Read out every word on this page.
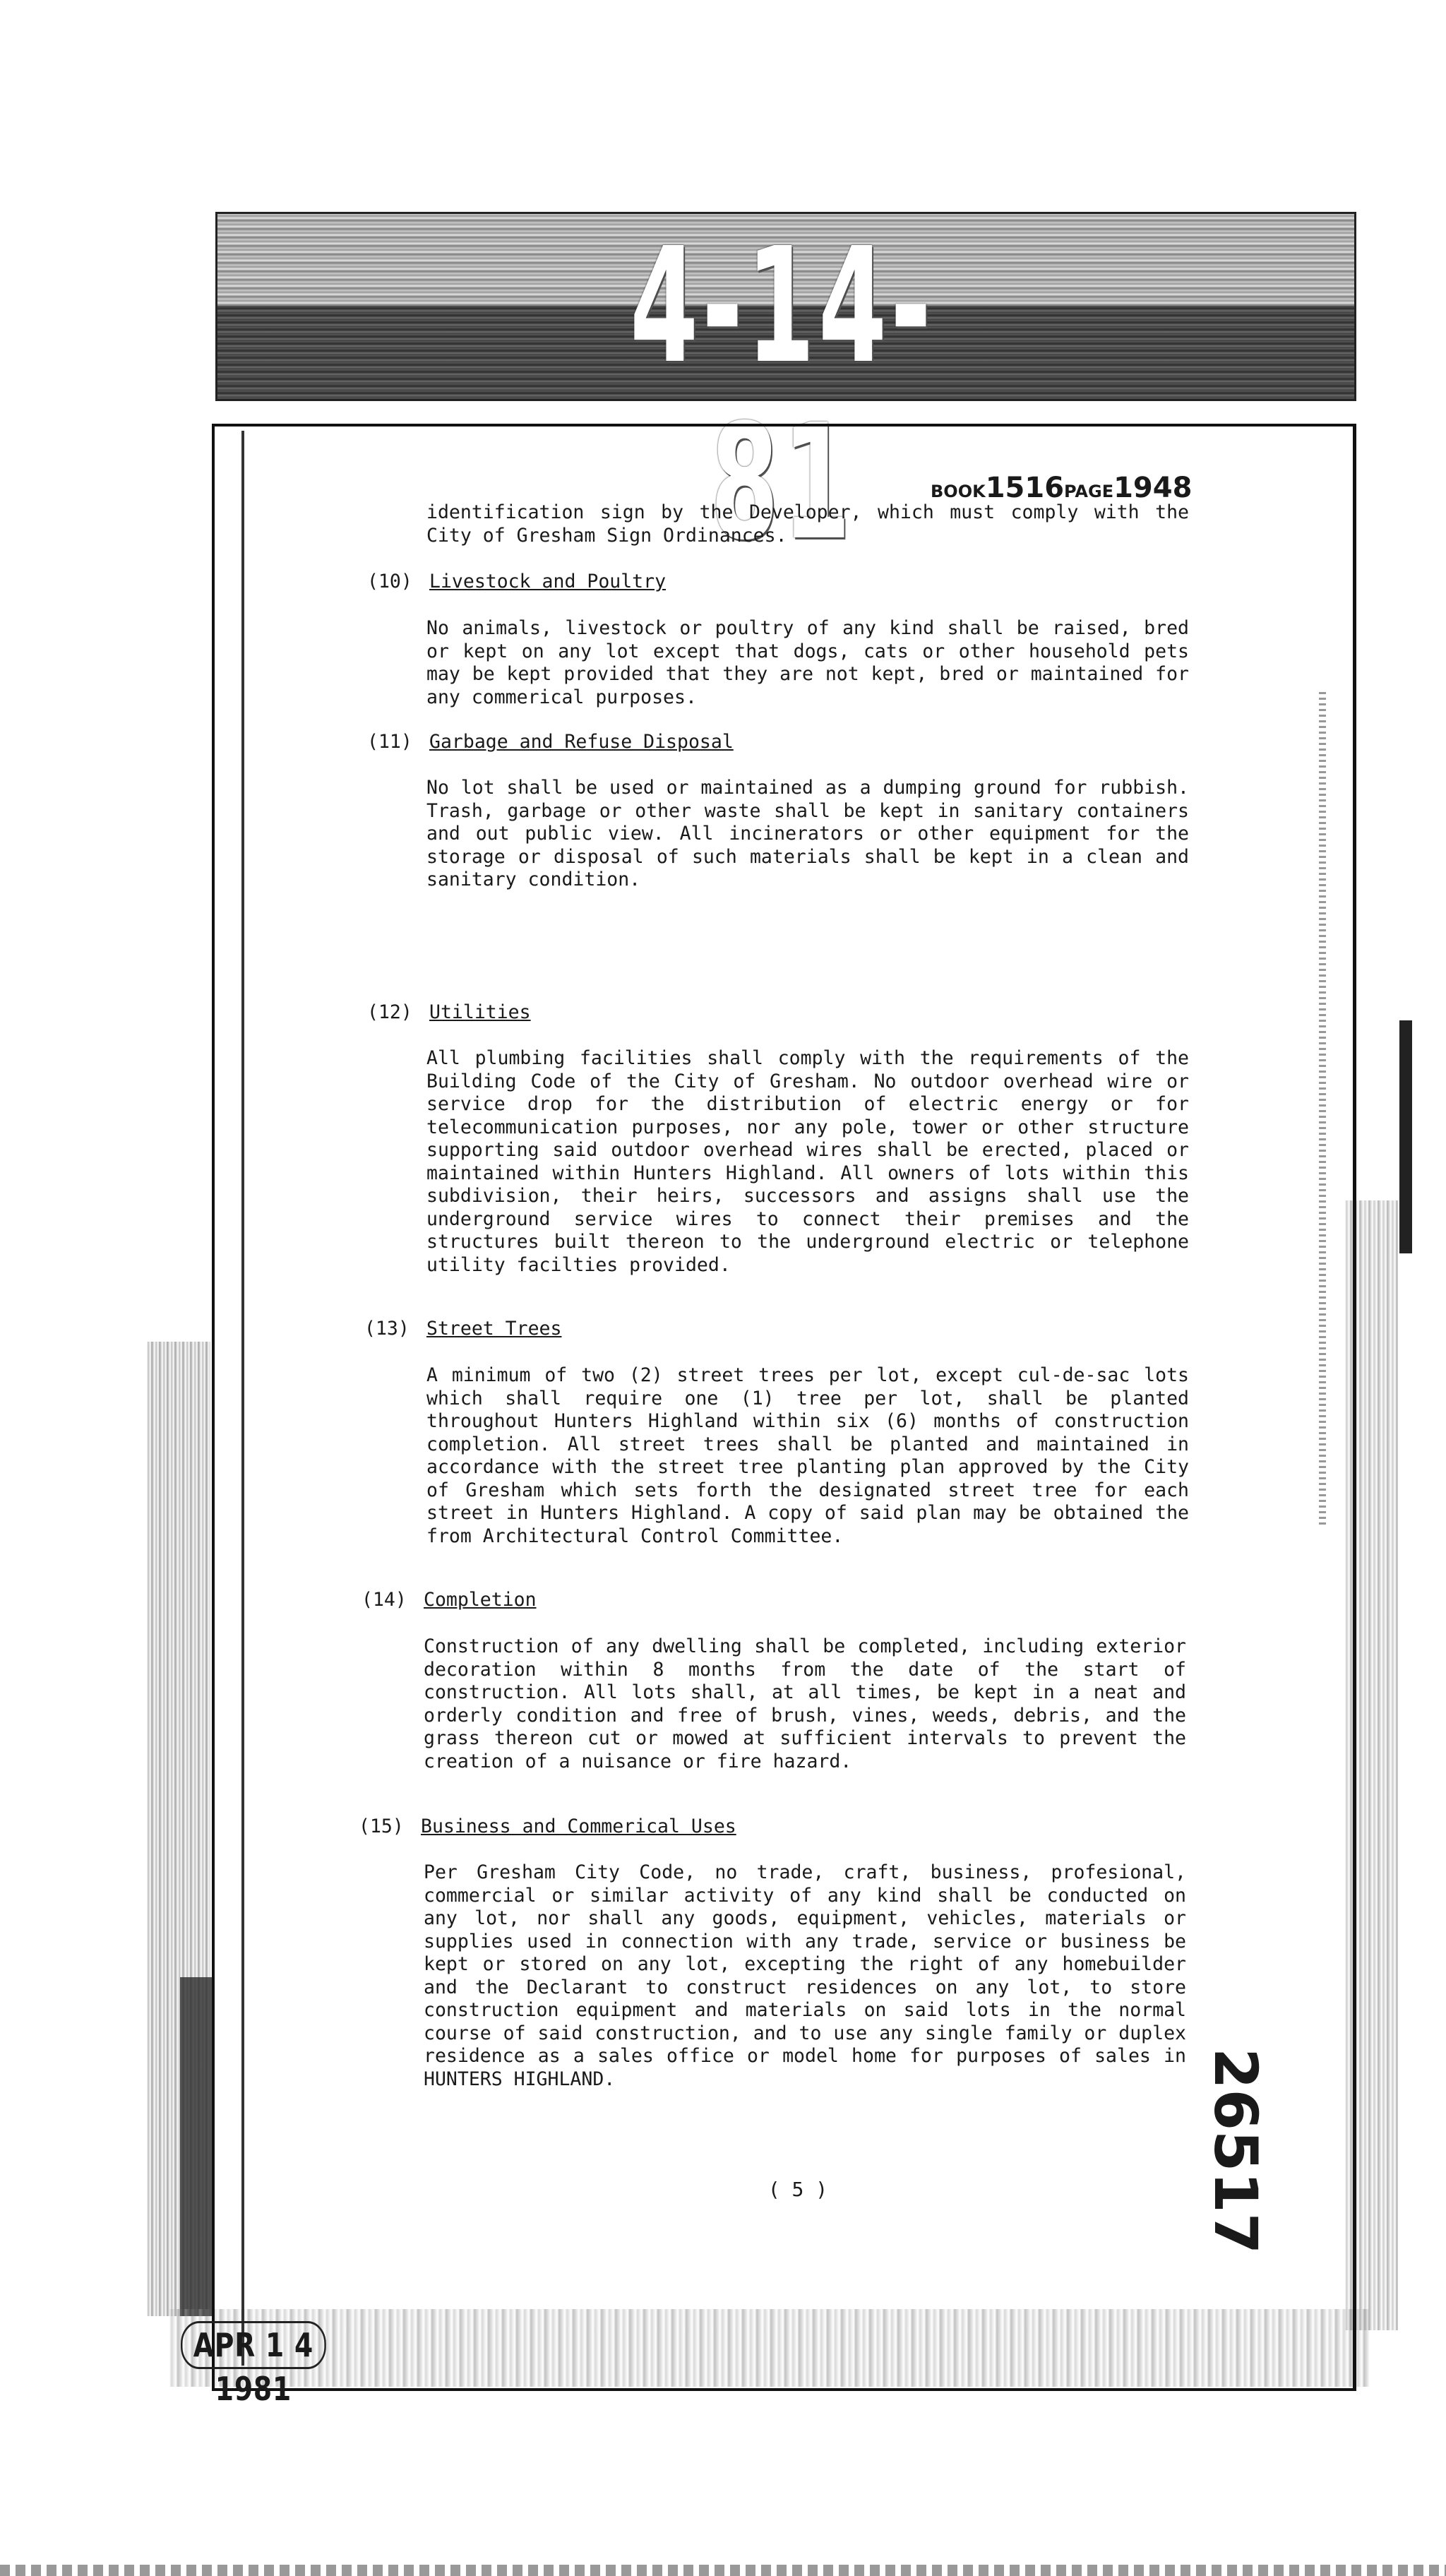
4-14-81	BOOK1516PAGE1948

identification sign by the Developer, which must comply with the City of Gresham Sign Ordinances.

(10) Livestock and Poultry

No animals, livestock or poultry of any kind shall be raised, bred or kept on any lot except that dogs, cats or other household pets may be kept provided that they are not kept, bred or maintained for any commerical purposes.

(11) Garbage and Refuse Disposal

No lot shall be used or maintained as a dumping ground for rubbish. Trash, garbage or other waste shall be kept in sanitary containers and out public view. All incinerators or other equipment for the storage or disposal of such materials shall be kept in a clean and sanitary condition.

(12) Utilities

All plumbing facilities shall comply with the requirements of the Building Code of the City of Gresham. No outdoor overhead wire or service drop for the distribution of electric energy or for telecommunication purposes, nor any pole, tower or other structure supporting said outdoor overhead wires shall be erected, placed or maintained within Hunters Highland. All owners of lots within this subdivision, their heirs, successors and assigns shall use the underground service wires to connect their premises and the structures built thereon to the underground electric or telephone utility facilties provided.

(13) Street Trees

A minimum of two (2) street trees per lot, except cul-de-sac lots which shall require one (1) tree per lot, shall be planted throughout Hunters Highland within six (6) months of construction completion. All street trees shall be planted and maintained in accordance with the street tree planting plan approved by the City of Gresham which sets forth the designated street tree for each street in Hunters Highland. A copy of said plan may be obtained the from Architectural Control Committee.

(14) Completion

Construction of any dwelling shall be completed, including exterior decoration within 8 months from the date of the start of construction. All lots shall, at all times, be kept in a neat and orderly condition and free of brush, vines, weeds, debris, and the grass thereon cut or mowed at sufficient intervals to prevent the creation of a nuisance or fire hazard.

(15) Business and Commerical Uses

Per Gresham City Code, no trade, craft, business, profesional, commercial or similar activity of any kind shall be conducted on any lot, nor shall any goods, equipment, vehicles, materials or supplies used in connection with any trade, service or business be kept or stored on any lot, excepting the right of any homebuilder and the Declarant to construct residences on any lot, to store construction equipment and materials on said lots in the normal course of said construction, and to use any single family or duplex residence as a sales office or model home for purposes of sales in HUNTERS HIGHLAND.

( 5 )	26517
APR 1 4 1981
